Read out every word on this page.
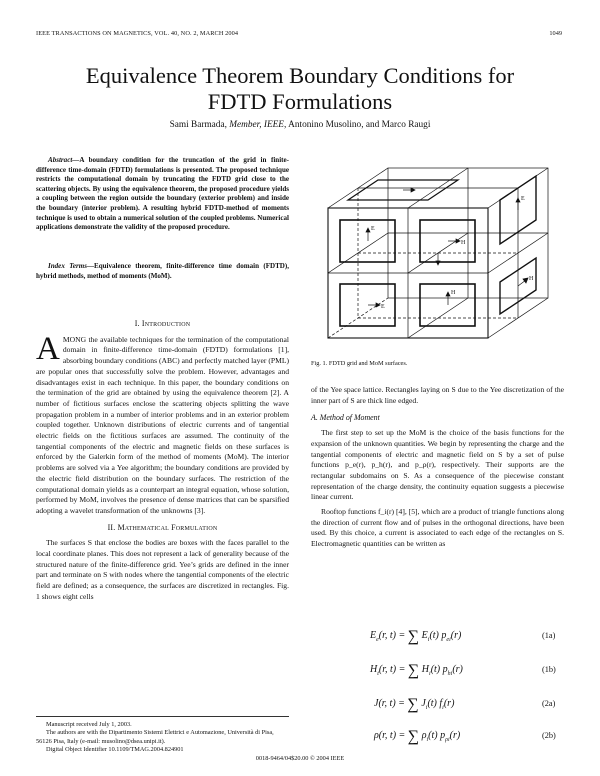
IEEE TRANSACTIONS ON MAGNETICS, VOL. 40, NO. 2, MARCH 2004	1049
Equivalence Theorem Boundary Conditions for
FDTD Formulations
Sami Barmada, Member, IEEE, Antonino Musolino, and Marco Raugi
Abstract—A boundary condition for the truncation of the grid in finite-difference time-domain (FDTD) formulations is presented. The proposed technique restricts the computational domain by truncating the FDTD grid close to the scattering objects. By using the equivalence theorem, the proposed procedure yields a coupling between the region outside the boundary (exterior problem) and inside the boundary (interior problem). A resulting hybrid FDTD-method of moments technique is used to obtain a numerical solution of the coupled problems. Numerical applications demonstrate the validity of the proposed procedure.
Index Terms—Equivalence theorem, finite-difference time domain (FDTD), hybrid methods, method of moments (MoM).
I. Introduction
AMONG the available techniques for the termination of the computational domain in finite-difference time-domain (FDTD) formulations [1], absorbing boundary conditions (ABC) and perfectly matched layer (PML) are popular ones that successfully solve the problem. However, advantages and disadvantages exist in each technique. In this paper, the boundary conditions on the termination of the grid are obtained by using the equivalence theorem [2]. A number of fictitious surfaces enclose the scattering objects splitting the wave propagation problem in a number of interior problems and in an exterior problem coupled together. Unknown distributions of electric currents and of tangential electric fields on the fictitious surfaces are assumed. The continuity of the tangential components of the electric and magnetic fields on these surfaces is enforced by the Galerkin form of the method of moments (MoM). The interior problems are solved via a Yee algorithm; the boundary conditions are provided by the electric field distribution on the boundary surfaces. The restriction of the computational domain yields as a counterpart an integral equation, whose solution, performed by MoM, involves the presence of dense matrices that can be sparsified adopting a wavelet transformation of the unknowns [3].
II. Mathematical Formulation
The surfaces S that enclose the bodies are boxes with the faces parallel to the local coordinate planes. This does not represent a lack of generality because of the structured nature of the finite-difference grid. Yee’s grids are defined in the inner part and terminate on S with nodes where the tangential components of the electric field are defined; as a consequence, the surfaces are discretized in rectangles. Fig. 1 shows eight cells
Manuscript received July 1, 2003.
The authors are with the Dipartimento Sistemi Elettrici e Automazione, Università di Pisa, 56126 Pisa, Italy (e-mail: musolino@dsea.unipi.it).
Digital Object Identifier 10.1109/TMAG.2004.824901
E
H
E
H
E
H
Fig. 1. FDTD grid and MoM surfaces.
of the Yee space lattice. Rectangles laying on S due to the Yee discretization of the inner part of S are thick line edged.
A. Method of Moment
The first step to set up the MoM is the choice of the basis functions for the expansion of the unknown quantities. We begin by representing the charge and the tangential components of electric and magnetic field on S by a set of pulse functions p_e(r), p_h(r), and p_ρ(r), respectively. Their supports are the rectangular subdomains on S. As a consequence of the piecewise constant representation of the charge density, the continuity equation suggests a piecewise linear current.
Rooftop functions f_i(r) [4], [5], which are a product of triangle functions along the direction of current flow and of pulses in the orthogonal directions, have been used. By this choice, a current is associated to each edge of the rectangles on S. Electromagnetic quantities can be written as
$E_e(r$, t) = ∑ $E_i(t)$ $p_{ei}(r)$	(1a)
$H_t(r$, t) = ∑ $H_i(t)$ $p_{hi}(r)$	(1b)
J(r, t) = ∑ $J_i(t)$ $f_i(r)$	(2a)
ρ(r, t) = ∑ $\rho_i(t)$ $p_{\rho i}(r)$	(2b)
0018-9464/04$20.00 © 2004 IEEE
